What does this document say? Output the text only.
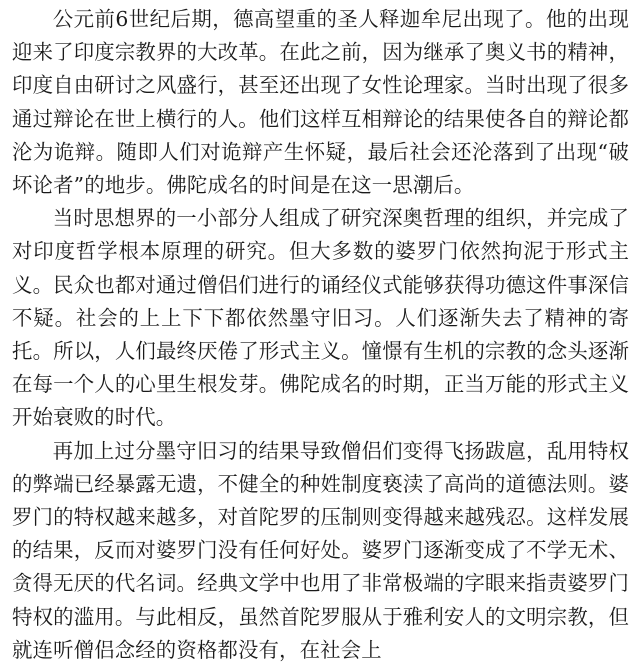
公元前6世纪后期，德高望重的圣人释迦牟尼出现了。他的出现迎来了印度宗教界的大改革。在此之前，因为继承了奥义书的精神，印度自由研讨之风盛行，甚至还出现了女性论理家。当时出现了很多通过辩论在世上横行的人。他们这样互相辩论的结果使各自的辩论都沦为诡辩。随即人们对诡辩产生怀疑，最后社会还沦落到了出现“破坏论者”的地步。佛陀成名的时间是在这一思潮后。

当时思想界的一小部分人组成了研究深奥哲理的组织，并完成了对印度哲学根本原理的研究。但大多数的婆罗门依然拘泥于形式主义。民众也都对通过僧侣们进行的诵经仪式能够获得功德这件事深信不疑。社会的上上下下都依然墨守旧习。人们逐渐失去了精神的寄托。所以，人们最终厌倦了形式主义。憧憬有生机的宗教的念头逐渐在每一个人的心里生根发芽。佛陀成名的时期，正当万能的形式主义开始衰败的时代。

再加上过分墨守旧习的结果导致僧侣们变得飞扬跋扈，乱用特权的弊端已经暴露无遗，不健全的种姓制度亵渎了高尚的道德法则。婆罗门的特权越来越多，对首陀罗的压制则变得越来越残忍。这样发展的结果，反而对婆罗门没有任何好处。婆罗门逐渐变成了不学无术、贪得无厌的代名词。经典文学中也用了非常极端的字眼来指责婆罗门特权的滥用。与此相反，虽然首陀罗服从于雅利安人的文明宗教，但就连听僧侣念经的资格都没有，在社会上
